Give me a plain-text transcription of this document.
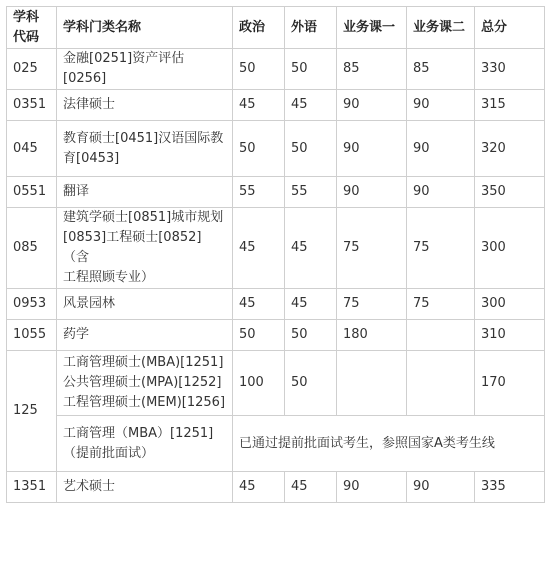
学科代码	学科门类名称	政治	外语	业务课一	业务课二	总分
025	金融[0251]资产评估[0256]	50	50	85	85	330
0351	法律硕士	45	45	90	90	315
045	教育硕士[0451]汉语国际教
育[0453]	50	50	90	90	320
0551	翻译	55	55	90	90	350
085	建筑学硕士[0851]城市规划
[0853]工程硕士[0852]（含
工程照顾专业）	45	45	75	75	300
0953	风景园林	45	45	75	75	300
1055	药学	50	50	180		310
125	工商管理硕士(MBA)[1251]
公共管理硕士(MPA)[1252]
工程管理硕士(MEM)[1256]	100	50			170

	工商管理（MBA）[1251]
（提前批面试）	已通过提前批面试考生，参照国家A类考生线				
1351	艺术硕士	45	45	90	90	335
